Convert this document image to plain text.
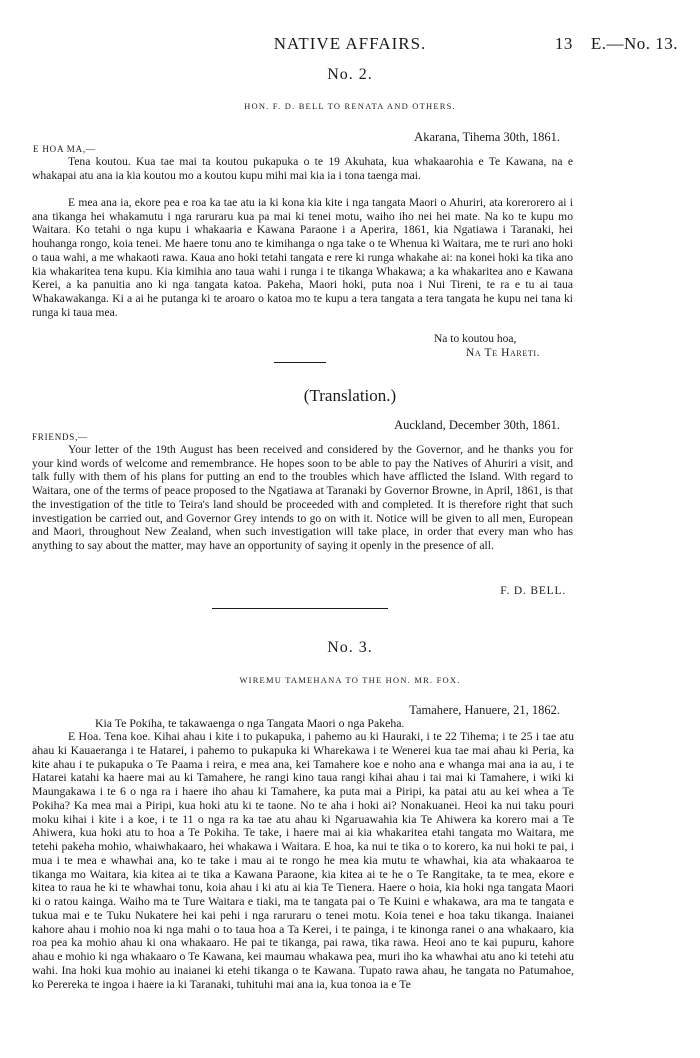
NATIVE AFFAIRS.	13 E.—No. 13.
No. 2.
HON. F. D. BELL TO RENATA AND OTHERS.
Akarana, Tihema 30th, 1861.
E HOA MA,—
Tena koutou. Kua tae mai ta koutou pukapuka o te 19 Akuhata, kua whakaarohia e Te Kawana, na e whakapai atu ana ia kia koutou mo a koutou kupu mihi mai kia ia i tona taenga mai.
E mea ana ia, ekore pea e roa ka tae atu ia ki kona kia kite i nga tangata Maori o Ahuriri, ata korerorero ai i ana tikanga hei whakamutu i nga raruraru kua pa mai ki tenei motu, waiho iho nei hei mate. Na ko te kupu mo Waitara. Ko tetahi o nga kupu i whakaaria e Kawana Paraone i a Aperira, 1861, kia Ngatiawa i Taranaki, hei houhanga rongo, koia tenei. Me haere tonu ano te kimihanga o nga take o te Whenua ki Waitara, me te ruri ano hoki o taua wahi, a me whakaoti rawa. Kaua ano hoki tetahi tangata e rere ki runga whakahe ai: na konei hoki ka tika ano kia whakaritea tena kupu. Kia kimihia ano taua wahi i runga i te tikanga Whakawa; a ka whakaritea ano e Kawana Kerei, a ka panuitia ano ki nga tangata katoa. Pakeha, Maori hoki, puta noa i Nui Tireni, te ra e tu ai taua Whakawakanga. Ki a ai he putanga ki te aroaro o katoa mo te kupu a tera tangata a tera tangata he kupu nei tana ki runga ki taua mea.
Na to koutou hoa,
Na Te Hareti.
(Translation.)
Auckland, December 30th, 1861.
FRIENDS,—
Your letter of the 19th August has been received and considered by the Governor, and he thanks you for your kind words of welcome and remembrance. He hopes soon to be able to pay the Natives of Ahuriri a visit, and talk fully with them of his plans for putting an end to the troubles which have afflicted the Island. With regard to Waitara, one of the terms of peace proposed to the Ngatiawa at Taranaki by Governor Browne, in April, 1861, is that the investigation of the title to Teira's land should be proceeded with and completed. It is therefore right that such investigation be carried out, and Governor Grey intends to go on with it. Notice will be given to all men, European and Maori, throughout New Zealand, when such investigation will take place, in order that every man who has anything to say about the matter, may have an opportunity of saying it openly in the presence of all.
F. D. BELL.
No. 3.
WIREMU TAMEHANA TO THE HON. MR. FOX.
Tamahere, Hanuere, 21, 1862.
Kia Te Pokiha, te takawaenga o nga Tangata Maori o nga Pakeha.
E Hoa. Tena koe. Kihai ahau i kite i to pukapuka, i pahemo au ki Hauraki, i te 22 Tihema; i te 25 i tae atu ahau ki Kauaeranga i te Hatarei, i pahemo to pukapuka ki Wharekawa i te Wenerei kua tae mai ahau ki Peria, ka kite ahau i te pukapuka o Te Paama i reira, e mea ana, kei Tamahere koe e noho ana e whanga mai ana ia au, i te Hatarei katahi ka haere mai au ki Tamahere, he rangi kino taua rangi kihai ahau i tai mai ki Tamahere, i wiki ki Maungakawa i te 6 o nga ra i haere iho ahau ki Tamahere, ka puta mai a Piripi, ka patai atu au kei whea a Te Pokiha? Ka mea mai a Piripi, kua hoki atu ki te taone. No te aha i hoki ai? Nonakuanei. Heoi ka nui taku pouri moku kihai i kite i a koe, i te 11 o nga ra ka tae atu ahau ki Ngaruawahia kia Te Ahiwera ka korero mai a Te Ahiwera, kua hoki atu to hoa a Te Pokiha. Te take, i haere mai ai kia whakaritea etahi tangata mo Waitara, me tetehi pakeha mohio, whaiwhakaaro, hei whakawa i Waitara. E hoa, ka nui te tika o to korero, ka nui hoki te pai, i mua i te mea e whawhai ana, ko te take i mau ai te rongo he mea kia mutu te whawhai, kia ata whakaaroa te tikanga mo Waitara, kia kitea ai te tika a Kawana Paraone, kia kitea ai te he o Te Rangitake, ta te mea, ekore e kitea to raua he ki te whawhai tonu, koia ahau i ki atu ai kia Te Tienera. Haere o hoia, kia hoki nga tangata Maori ki o ratou kainga. Waiho ma te Ture Waitara e tiaki, ma te tangata pai o Te Kuini e whakawa, ara ma te tangata e tukua mai e te Tuku Nukatere hei kai pehi i nga raruraru o tenei motu. Koia tenei e hoa taku tikanga. Inaianei kahore ahau i mohio noa ki nga mahi o to taua hoa a Ta Kerei, i te painga, i te kinonga ranei o ana whakaaro, kia roa pea ka mohio ahau ki ona whakaaro. He pai te tikanga, pai rawa, tika rawa. Heoi ano te kai pupuru, kahore ahau e mohio ki nga whakaaro o Te Kawana, kei maumau whakawa pea, muri iho ka whawhai atu ano ki tetehi atu wahi. Ina hoki kua mohio au inaianei ki etehi tikanga o te Kawana. Tupato rawa ahau, he tangata no Patumahoe, ko Perereka te ingoa i haere ia ki Taranaki, tuhituhi mai ana ia, kua tonoa ia e Te
